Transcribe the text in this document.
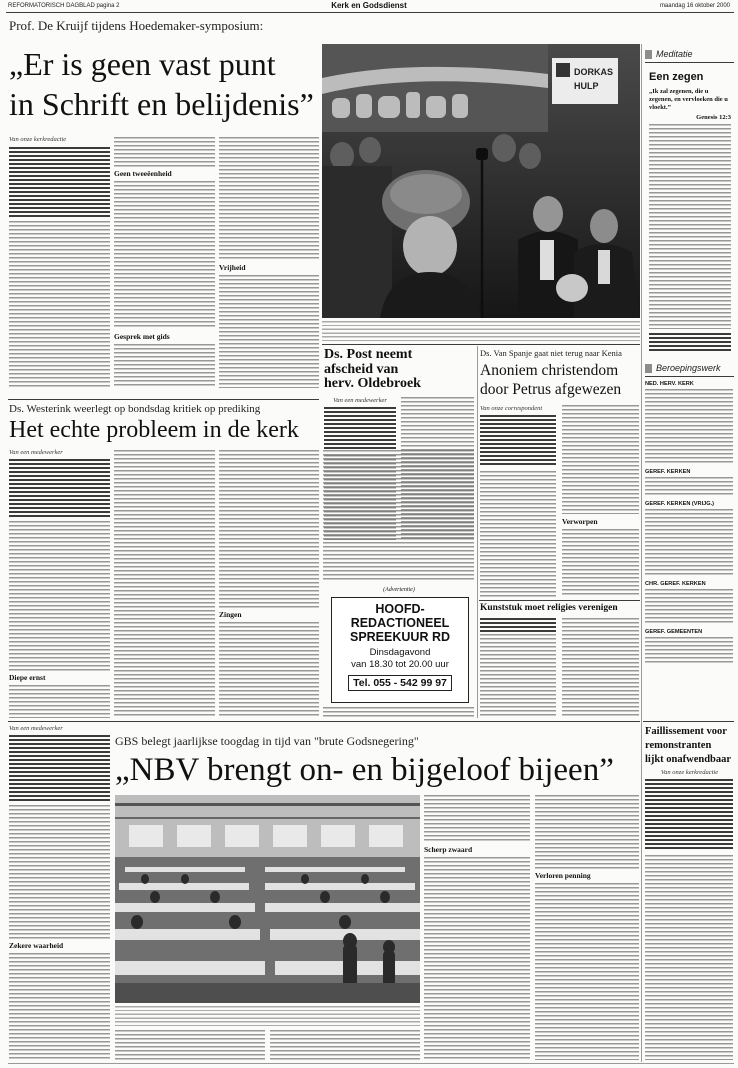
REFORMATORISCH DAGBLAD pagina 2	Kerk en Godsdienst	maandag 16 oktober 2000
Prof. De Kruijf tijdens Hoedemaker-symposium:
„Er is geen vast punt
in Schrift en belijdenis”
Van onze kerkredactie
Geen tweeëenheid
Gesprek met gids
Vrijheid
DORKAS
HULP
Meditatie
Een zegen
„Ik zal zegenen, die u zegenen, en vervloeken die u vloekt.”
Genesis 12:3
Beroepingswerk
NED. HERV. KERK
GEREF. KERKEN
GEREF. KERKEN (VRIJG.)
CHR. GEREF. KERKEN
GEREF. GEMEENTEN
Ds. Post neemt
afscheid van
herv. Oldebroek
Van een medewerker
Ds. Van Spanje gaat niet terug naar Kenia
Anoniem christendom
door Petrus afgewezen
Van onze correspondent
Verworpen
Kunststuk moet religies verenigen
Ds. Westerink weerlegt op bondsdag kritiek op prediking
Het echte probleem in de kerk
Van een medewerker
Diepe ernst
Zingen
(Advertentie)
HOOFD-
REDACTIONEEL
SPREEKUUR RD
Dinsdagavond
van 18.30 tot 20.00 uur
Tel. 055 - 542 99 97
Van een medewerker
Zekere waarheid
GBS belegt jaarlijkse toogdag in tijd van "brute Godsnegering"
„NBV brengt on- en bijgeloof bijeen”
Scherp zwaard
Verloren penning
Faillissement voor
remonstranten
lijkt onafwendbaar
Van onze kerkredactie
